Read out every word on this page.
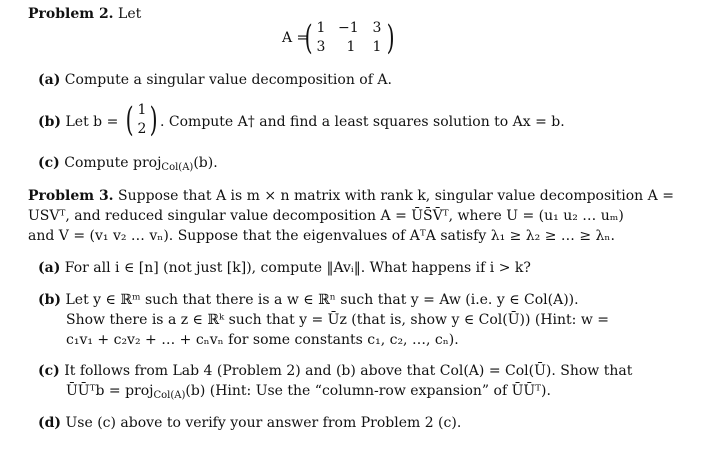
Problem 2. Let
A =
( 1 −1 3
3	1	1 )
(a) Compute a singular value decomposition of A.
(b) Let b = ( 1
2 ) . Compute A† and find a least squares solution to Ax = b.
(c) Compute proj$_{Col(A)}$(b).
Problem 3. Suppose that A is m × n matrix with rank k, singular value decomposition A =
USVᵀ, and reduced singular value decomposition A = ŪS̄V̄ᵀ, where U = (u₁ u₂ … uₘ)
and V = (v₁ v₂ … vₙ). Suppose that the eigenvalues of AᵀA satisfy λ₁ ≥ λ₂ ≥ … ≥ λₙ.
(a) For all i ∈ [n] (not just [k]), compute ‖Avᵢ‖. What happens if i > k?
(b) Let y ∈ ℝᵐ such that there is a w ∈ ℝⁿ such that y = Aw (i.e. y ∈ Col(A)).
Show there is a z ∈ ℝᵏ such that y = Ūz (that is, show y ∈ Col(Ū)) (Hint: w =
c₁v₁ + c₂v₂ + … + cₙvₙ for some constants c₁, c₂, …, cₙ).
(c) It follows from Lab 4 (Problem 2) and (b) above that Col(A) = Col(Ū). Show that
ŪŪᵀb = proj$_{Col(A)}$(b) (Hint: Use the “column-row expansion” of ŪŪᵀ).
(d) Use (c) above to verify your answer from Problem 2 (c).
